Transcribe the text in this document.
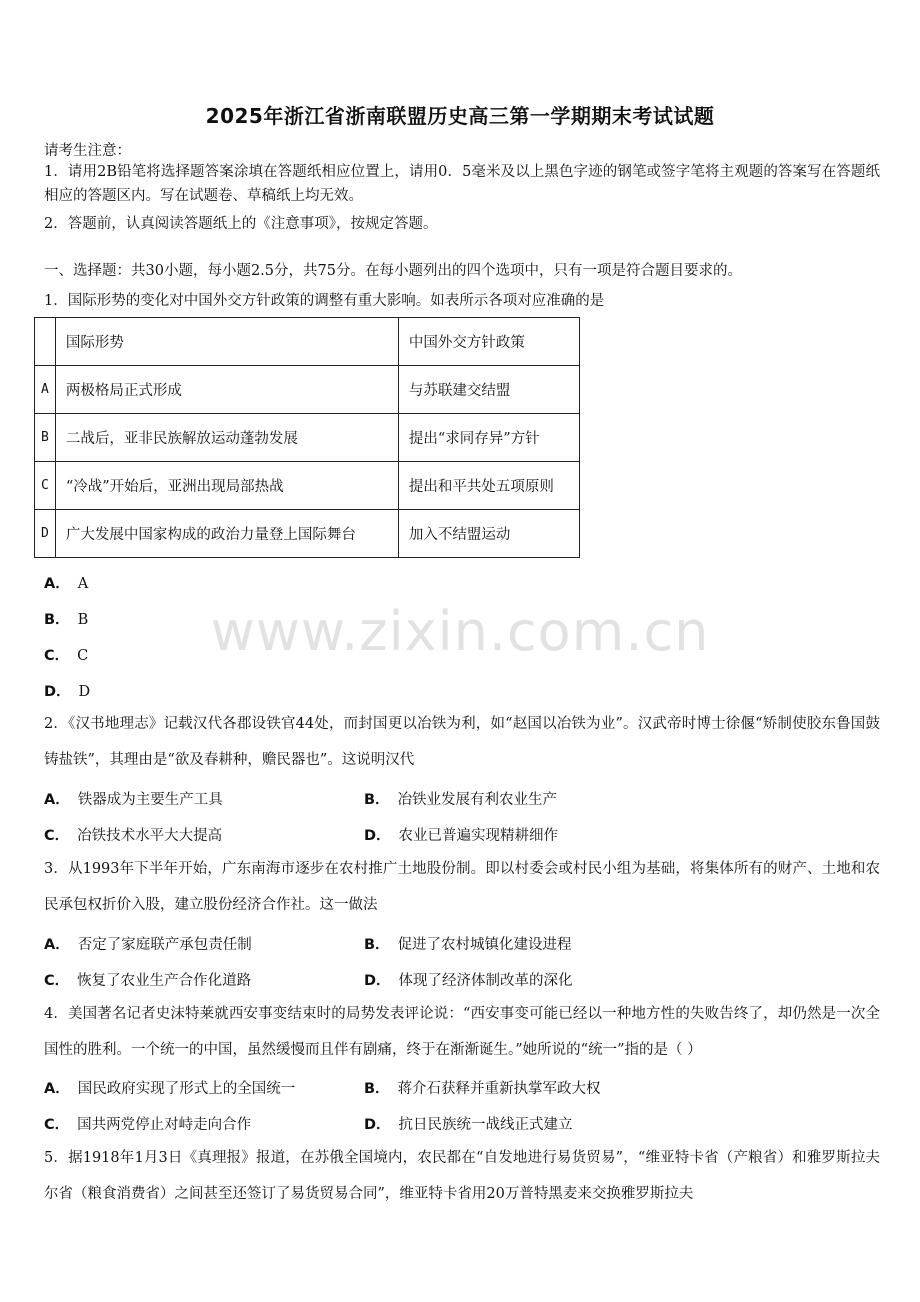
2025年浙江省浙南联盟历史高三第一学期期末考试试题
请考生注意：
1．请用2B铅笔将选择题答案涂填在答题纸相应位置上，请用0．5毫米及以上黑色字迹的钢笔或签字笔将主观题的答案写在答题纸相应的答题区内。写在试题卷、草稿纸上均无效。
2．答题前，认真阅读答题纸上的《注意事项》，按规定答题。
一、选择题：共30小题，每小题2.5分，共75分。在每小题列出的四个选项中，只有一项是符合题目要求的。
1．国际形势的变化对中国外交方针政策的调整有重大影响。如表所示各项对应准确的是
	国际形势	中国外交方针政策
A	两极格局正式形成	与苏联建交结盟
B	二战后，亚非民族解放运动蓬勃发展	提出“求同存异”方针
C	“冷战”开始后，亚洲出现局部热战	提出和平共处五项原则
D	广大发展中国家构成的政治力量登上国际舞台	加入不结盟运动
A． A
B． B
C． C
D． D
www.zixin.com.cn
2．《汉书地理志》记载汉代各郡设铁官44处，而封国更以冶铁为利，如“赵国以冶铁为业”。汉武帝时博士徐偃“矫制使胶东鲁国鼓铸盐铁”，其理由是“欲及春耕种，赡民器也”。这说明汉代
A． 铁器成为主要生产工具	B． 冶铁业发展有利农业生产
C． 冶铁技术水平大大提高	D． 农业已普遍实现精耕细作
3．从1993年下半年开始，广东南海市逐步在农村推广土地股份制。即以村委会或村民小组为基础，将集体所有的财产、土地和农民承包权折价入股，建立股份经济合作社。这一做法
A． 否定了家庭联产承包责任制	B． 促进了农村城镇化建设进程
C． 恢复了农业生产合作化道路	D． 体现了经济体制改革的深化
4．美国著名记者史沫特莱就西安事变结束时的局势发表评论说：“西安事变可能已经以一种地方性的失败告终了，却仍然是一次全国性的胜利。一个统一的中国，虽然缓慢而且伴有剧痛，终于在渐渐诞生。”她所说的“统一”指的是（ ）
A． 国民政府实现了形式上的全国统一	B． 蒋介石获释并重新执掌军政大权
C． 国共两党停止对峙走向合作	D． 抗日民族统一战线正式建立
5．据1918年1月3日《真理报》报道，在苏俄全国境内，农民都在“自发地进行易货贸易”，“维亚特卡省（产粮省）和雅罗斯拉夫尔省（粮食消费省）之间甚至还签订了易货贸易合同”，维亚特卡省用20万普特黑麦来交换雅罗斯拉夫
